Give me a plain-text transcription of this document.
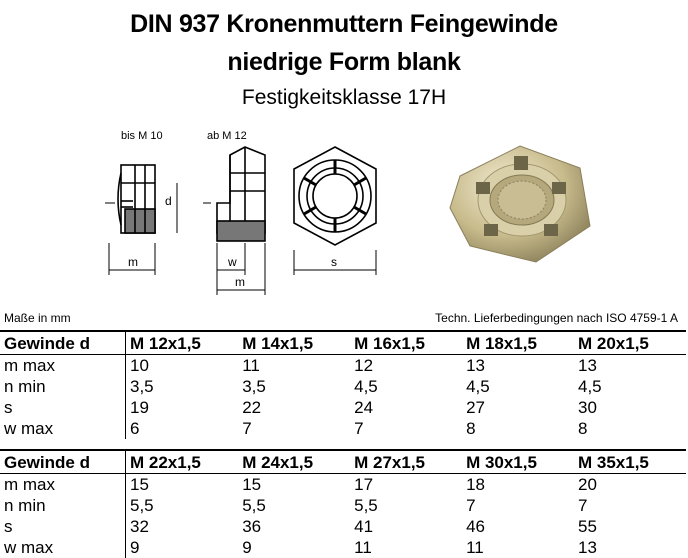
DIN 937 Kronenmuttern Feingewinde
niedrige Form blank
Festigkeitsklasse 17H
bis M 10	ab M 12
d
m	w
m
s
Maße in mm	Techn. Lieferbedingungen nach ISO 4759-1 A
Gewinde d	M 12x1,5	M 14x1,5	M 16x1,5	M 18x1,5	M 20x1,5
m max	10	11	12	13	13
n min	3,5	3,5	4,5	4,5	4,5
s	19	22	24	27	30
w max	6	7	7	8	8
Gewinde d	M 22x1,5	M 24x1,5	M 27x1,5	M 30x1,5	M 35x1,5
m max	15	15	17	18	20
n min	5,5	5,5	5,5	7	7
s	32	36	41	46	55
w max	9	9	11	11	13
